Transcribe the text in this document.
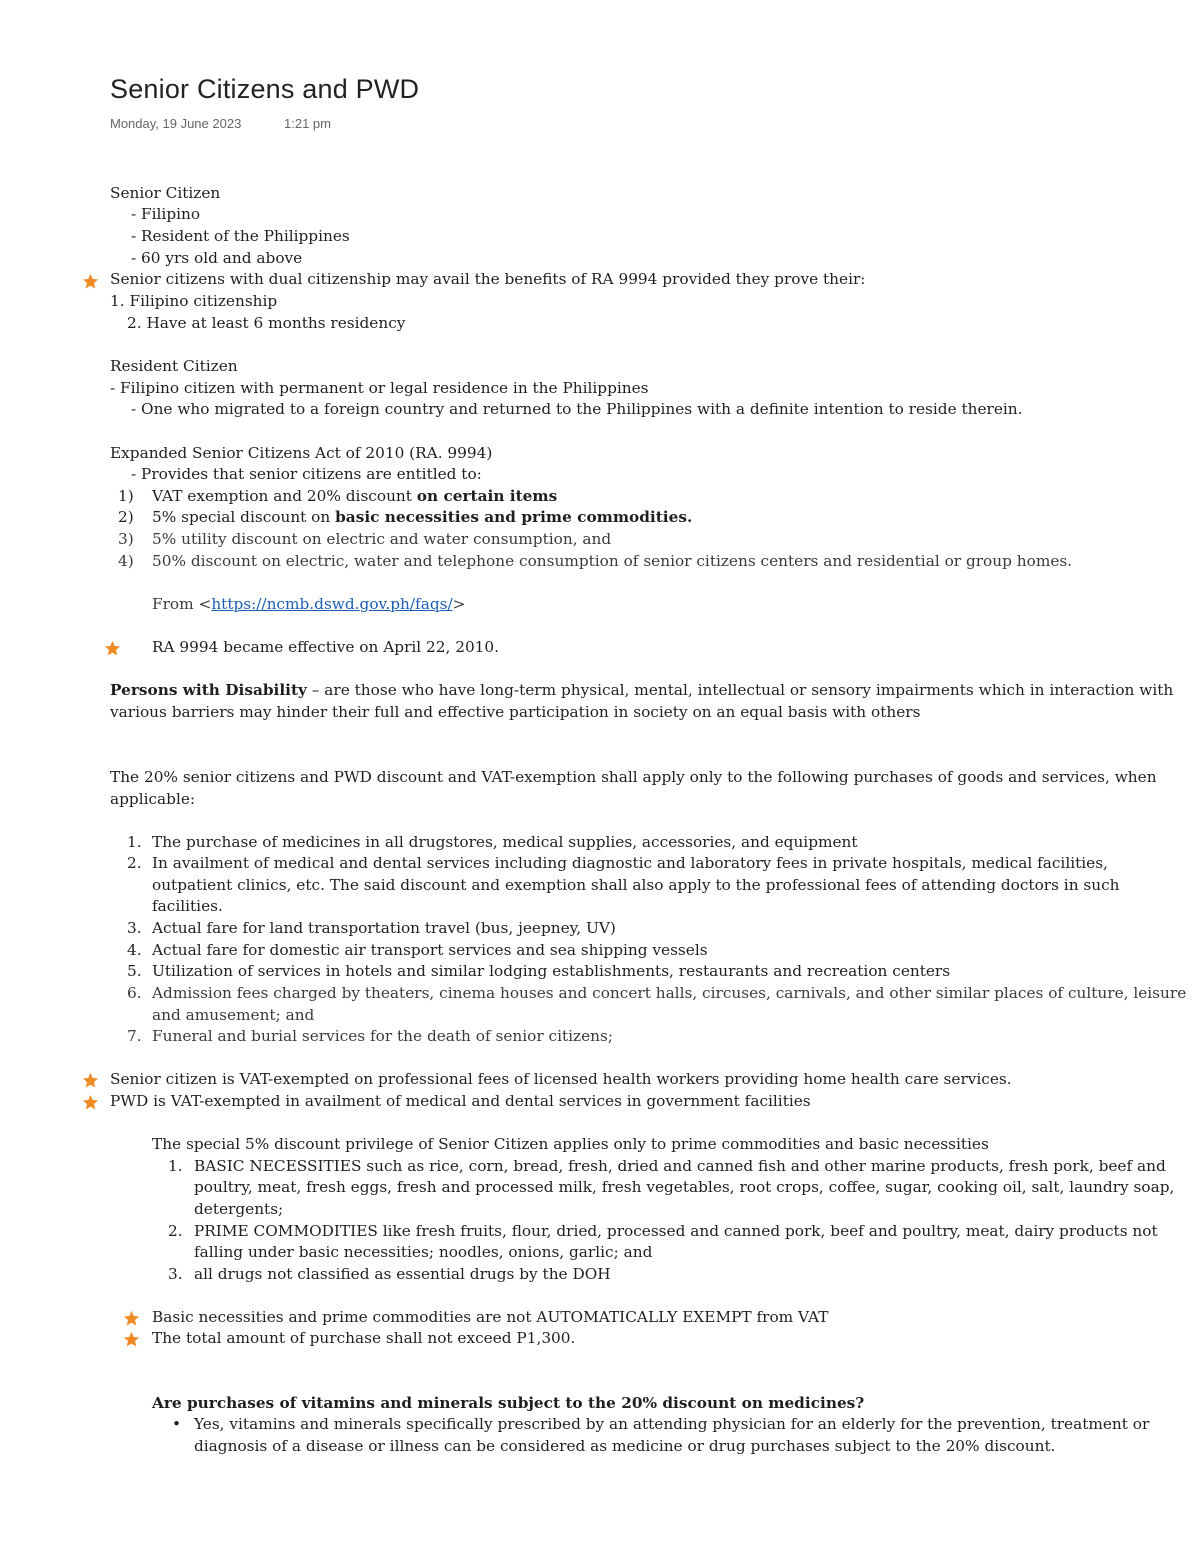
Senior Citizens and PWD
Monday, 19 June 2023	1:21 pm
Senior Citizen
- Filipino
- Resident of the Philippines
- 60 yrs old and above
Senior citizens with dual citizenship may avail the benefits of RA 9994 provided they prove their:
1. Filipino citizenship
2. Have at least 6 months residency
Resident Citizen
- Filipino citizen with permanent or legal residence in the Philippines
- One who migrated to a foreign country and returned to the Philippines with a definite intention to reside therein.
Expanded Senior Citizens Act of 2010 (RA. 9994)
- Provides that senior citizens are entitled to:
1) VAT exemption and 20% discount on certain items
2) 5% special discount on basic necessities and prime commodities.
3) 5% utility discount on electric and water consumption, and
4) 50% discount on electric, water and telephone consumption of senior citizens centers and residential or group homes.
From <https://ncmb.dswd.gov.ph/faqs/>
RA 9994 became effective on April 22, 2010.
Persons with Disability – are those who have long-term physical, mental, intellectual or sensory impairments which in interaction with
various barriers may hinder their full and effective participation in society on an equal basis with others
The 20% senior citizens and PWD discount and VAT-exemption shall apply only to the following purchases of goods and services, when
applicable:
1. The purchase of medicines in all drugstores, medical supplies, accessories, and equipment
2. In availment of medical and dental services including diagnostic and laboratory fees in private hospitals, medical facilities,
outpatient clinics, etc. The said discount and exemption shall also apply to the professional fees of attending doctors in such
facilities.
3. Actual fare for land transportation travel (bus, jeepney, UV)
4. Actual fare for domestic air transport services and sea shipping vessels
5. Utilization of services in hotels and similar lodging establishments, restaurants and recreation centers
6. Admission fees charged by theaters, cinema houses and concert halls, circuses, carnivals, and other similar places of culture, leisure
and amusement; and
7. Funeral and burial services for the death of senior citizens;
Senior citizen is VAT-exempted on professional fees of licensed health workers providing home health care services.
PWD is VAT-exempted in availment of medical and dental services in government facilities
The special 5% discount privilege of Senior Citizen applies only to prime commodities and basic necessities
1. BASIC NECESSITIES such as rice, corn, bread, fresh, dried and canned fish and other marine products, fresh pork, beef and
poultry, meat, fresh eggs, fresh and processed milk, fresh vegetables, root crops, coffee, sugar, cooking oil, salt, laundry soap,
detergents;
2. PRIME COMMODITIES like fresh fruits, flour, dried, processed and canned pork, beef and poultry, meat, dairy products not
falling under basic necessities; noodles, onions, garlic; and
3. all drugs not classified as essential drugs by the DOH
Basic necessities and prime commodities are not AUTOMATICALLY EXEMPT from VAT
The total amount of purchase shall not exceed P1,300.
Are purchases of vitamins and minerals subject to the 20% discount on medicines?
• Yes, vitamins and minerals specifically prescribed by an attending physician for an elderly for the prevention, treatment or
diagnosis of a disease or illness can be considered as medicine or drug purchases subject to the 20% discount.
